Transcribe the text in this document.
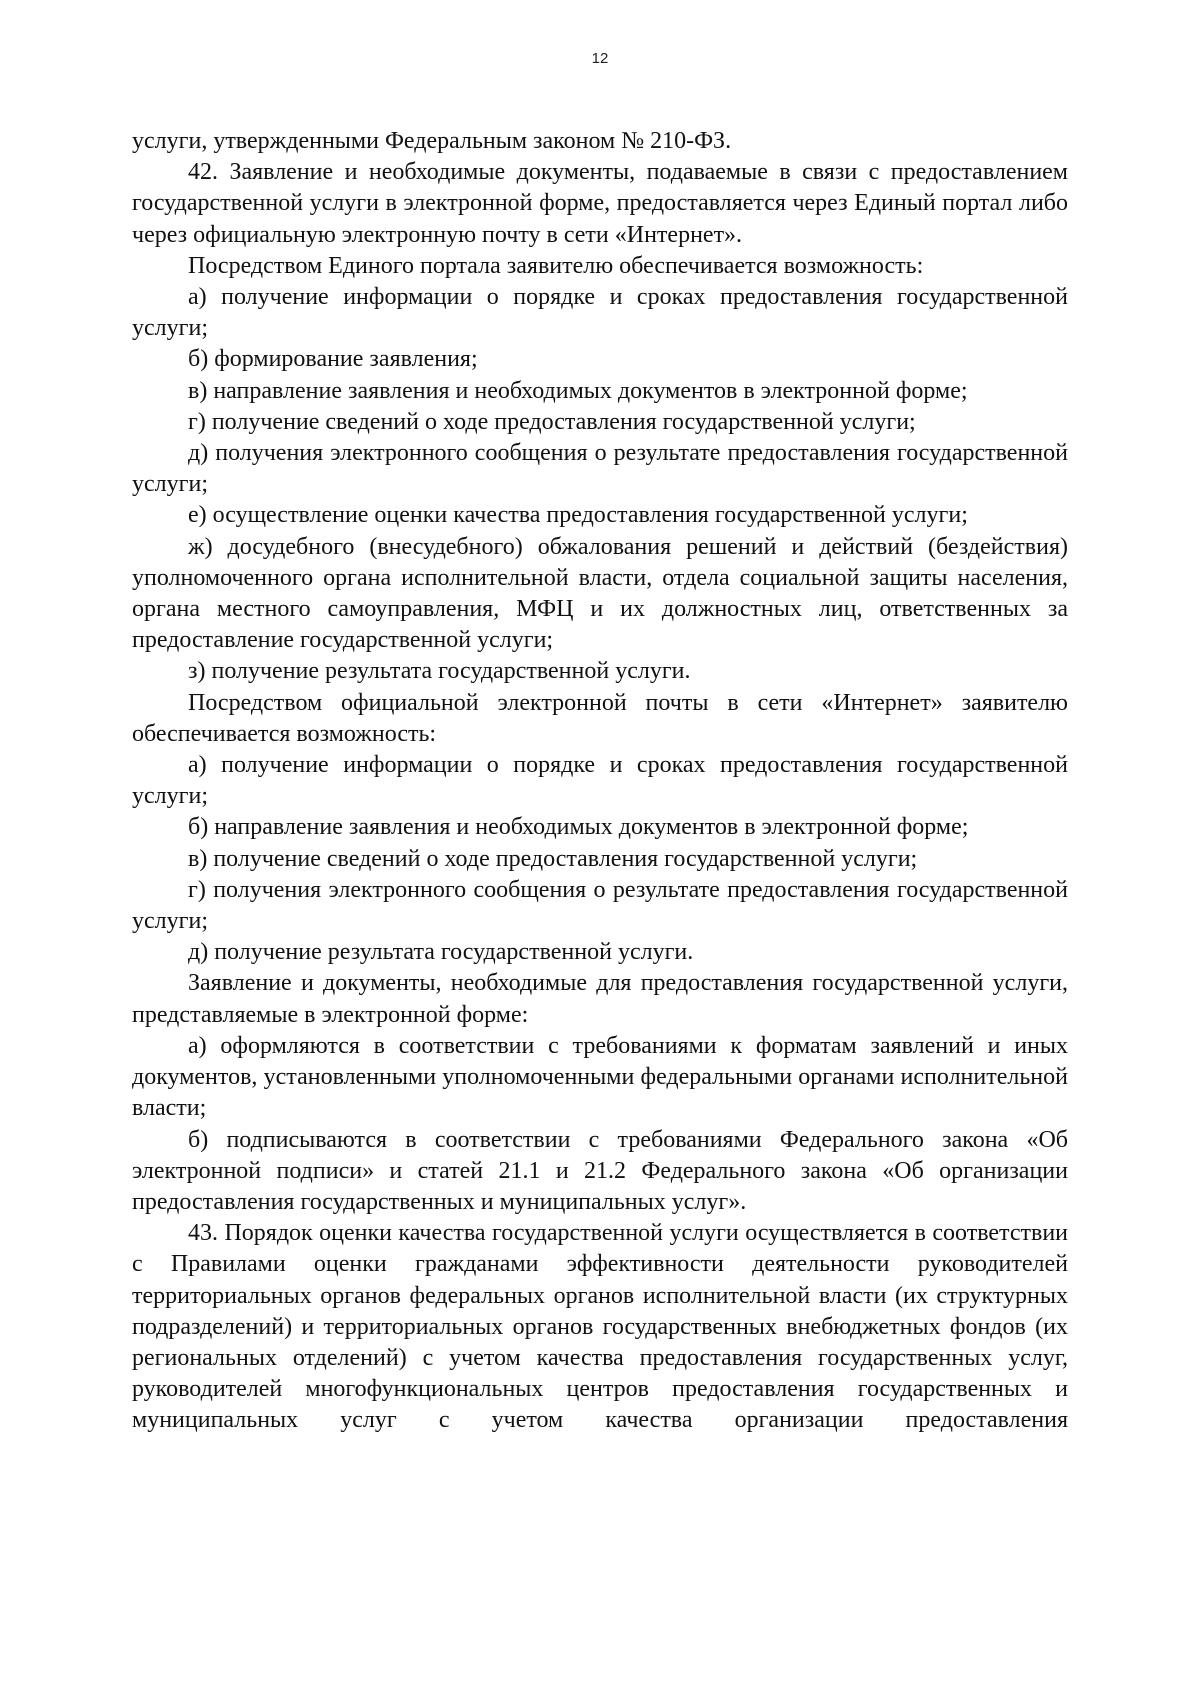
12

услуги, утвержденными Федеральным законом № 210-ФЗ.

42. Заявление и необходимые документы, подаваемые в связи с предоставлением государственной услуги в электронной форме, предоставляется через Единый портал либо через официальную электронную почту в сети «Интернет».

Посредством Единого портала заявителю обеспечивается возможность:

а) получение информации о порядке и сроках предоставления государственной услуги;

б) формирование заявления;

в) направление заявления и необходимых документов в электронной форме;

г) получение сведений о ходе предоставления государственной услуги;

д) получения электронного сообщения о результате предоставления государственной услуги;

е) осуществление оценки качества предоставления государственной услуги;

ж) досудебного (внесудебного) обжалования решений и действий (бездействия) уполномоченного органа исполнительной власти, отдела социальной защиты населения, органа местного самоуправления, МФЦ и их должностных лиц, ответственных за предоставление государственной услуги;

з) получение результата государственной услуги.

Посредством официальной электронной почты в сети «Интернет» заявителю обеспечивается возможность:

а) получение информации о порядке и сроках предоставления государственной услуги;

б) направление заявления и необходимых документов в электронной форме;

в) получение сведений о ходе предоставления государственной услуги;

г) получения электронного сообщения о результате предоставления государственной услуги;

д) получение результата государственной услуги.

Заявление и документы, необходимые для предоставления государственной услуги, представляемые в электронной форме:

а) оформляются в соответствии с требованиями к форматам заявлений и иных документов, установленными уполномоченными федеральными органами исполнительной власти;

б) подписываются в соответствии с требованиями Федерального закона «Об электронной подписи» и статей 21.1 и 21.2 Федерального закона «Об организации предоставления государственных и муниципальных услуг».

43. Порядок оценки качества государственной услуги осуществляется в соответствии с Правилами оценки гражданами эффективности деятельности руководителей территориальных органов федеральных органов исполнительной власти (их структурных подразделений) и территориальных органов государственных внебюджетных фондов (их региональных отделений) с учетом качества предоставления государственных услуг, руководителей многофункциональных центров предоставления государственных и муниципальных услуг с учетом качества организации предоставления
